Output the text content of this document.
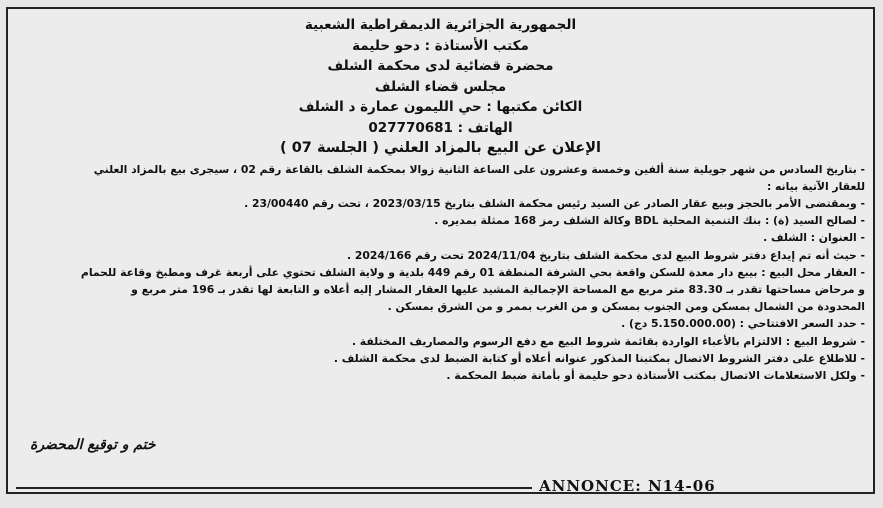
الجمهورية الجزائرية الديمقراطية الشعبية
مكتب الأستاذة : دحو حليمة
محضرة قضائية لدى محكمة الشلف
مجلس قضاء الشلف
الكائن مكتبها : حي الليمون عمارة د الشلف
الهاتف : 027770681
الإعلان عن البيع بالمزاد العلني ( الجلسة 07 )
- بتاريخ السادس من شهر جويلية سنة ألفين وخمسة وعشرون على الساعة الثانية زوالا بمحكمة الشلف بالقاعة رقم 02 ، سيجرى بيع بالمزاد العلني
للعقار الآتية بيانه :
- وبمقتضى الأمر بالحجز وبيع عقار الصادر عن السيد رئيس محكمة الشلف بتاريخ 2023/03/15 ، تحت رقم 23/00440 .
- لصالح السيد (ة) : بنك التنمية المحلية BDL وكالة الشلف رمز 168 ممثلة بمديره .
- العنوان : الشلف .
- حيث أنه تم إيداع دفتر شروط البيع لدى محكمة الشلف بتاريخ 2024/11/04 تحت رقم 2024/166 .
- العقار محل البيع : بيبع دار معدة للسكن واقعة بحي الشرفة المنطقة 01 رقم 449 بلدية و ولاية الشلف تحتوي على أربعة غرف ومطبخ وقاعة للحمام
و مرحاض مساحتها تقدر بـ 83.30 متر مربع مع المساحة الإجمالية المشيد عليها العقار المشار إليه أعلاه و التابعة لها تقدر بـ 196 متر مربع و
المحدودة من الشمال بمسكن ومن الجنوب بمسكن و من الغرب بممر و من الشرق بمسكن .
- حدد السعر الافتتاحي : (5.150.000.00 دج) .
- شروط البيع : الالتزام بالأعباء الواردة بقائمة شروط البيع مع دفع الرسوم والمصاريف المختلفة .
- للاطلاع على دفتر الشروط الاتصال بمكتبنا المذكور عنوانه أعلاه أو كتابة الضبط لدى محكمة الشلف .
- ولكل الاستعلامات الاتصال بمكتب الأستاذة دحو حليمة أو بأمانة ضبط المحكمة .
ختم و توقيع المحضرة
ANNONCE: N14-06
